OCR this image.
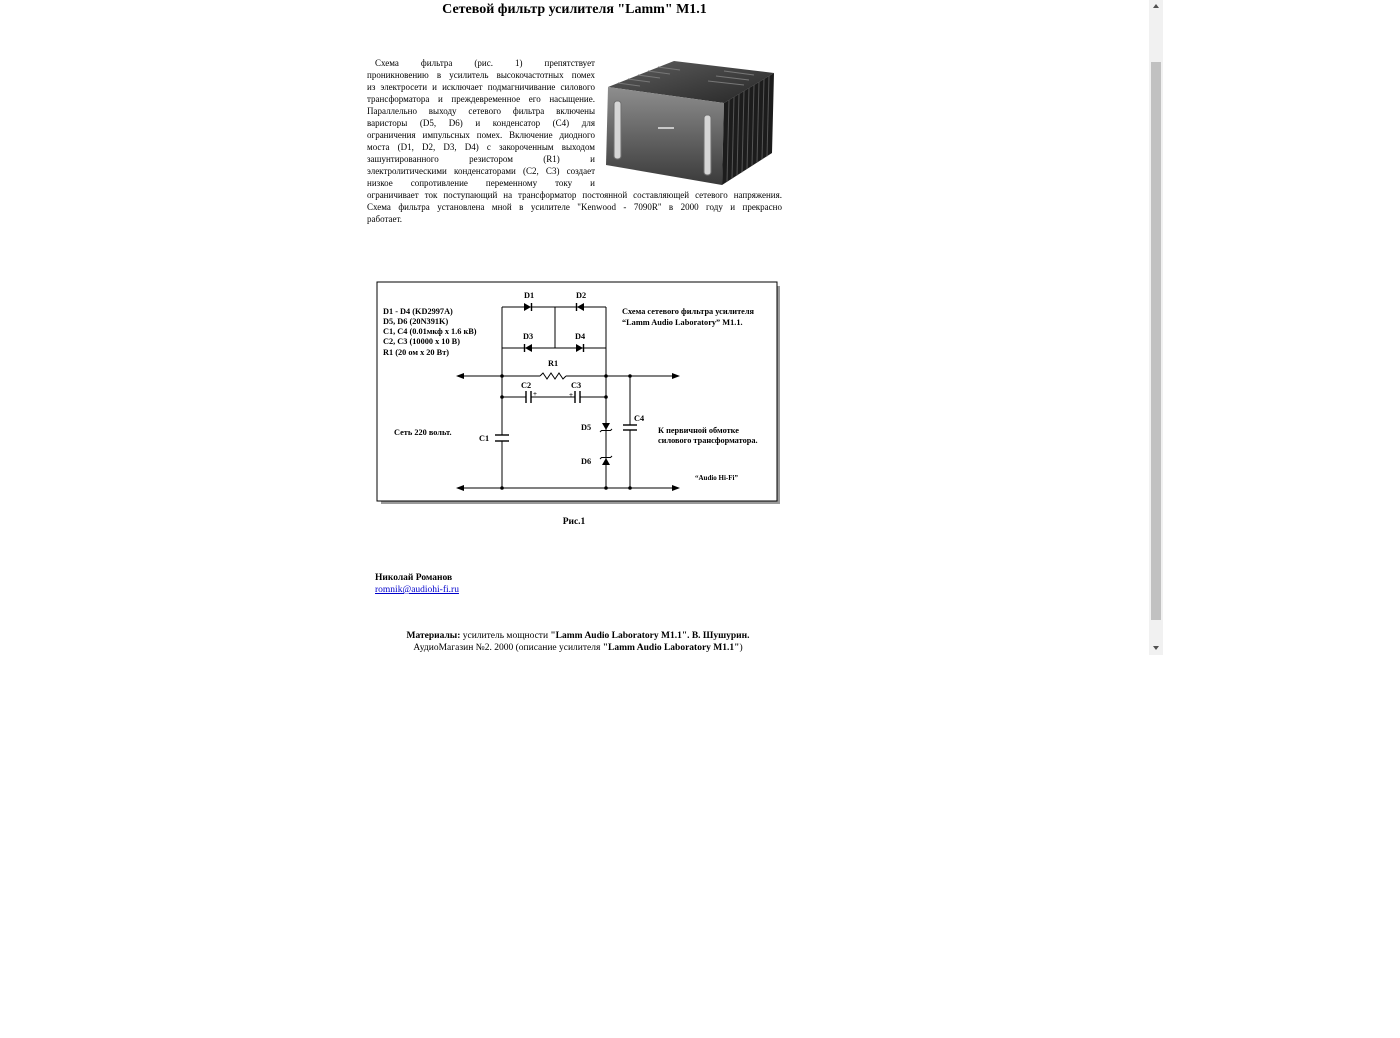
Сетевой фильтр усилителя "Lamm" M1.1
Схема фильтра (рис. 1) препятствует
проникновению в усилитель высокочастотных помех
из электросети и исключает подмагничивание силового
трансформатора и преждевременное его насыщение.
Параллельно выходу сетевого фильтра включены
варисторы (D5, D6) и конденсатор (C4) для
ограничения импульсных помех. Включение диодного
моста (D1, D2, D3, D4) с закороченным выходом
зашунтированного резистором (R1) и
электролитическими конденсаторами (C2, C3) создает
низкое сопротивление переменному току и
ограничивает ток поступающий на трансформатор постоянной составляющей сетевого напряжения.
Схема фильтра установлена мной в усилителе "Kenwood - 7090R" в 2000 году и прекрасно
работает.
D1 - D4 (KD2997A)
D5, D6 (20N391K)
C1, C4 (0.01мкф х 1.6 кВ)
C2, C3 (10000 х 10 В)
R1 (20 ом х 20 Вт)
Схема сетевого фильтра усилителя
“Lamm Audio Laboratory” M1.1.
D1	D2
D3	D4
R1
C2	C3
+	+
C4
D5
D6
C1
Сеть 220 вольт.	К первичной обмотке
силового трансформатора.
“Audio Hi-Fi”
Рис.1
Николай Романов
romnik@audiohi-fi.ru
Материалы: усилитель мощности "Lamm Audio Laboratory M1.1". В. Шушурин.
АудиоМагазин №2. 2000 (описание усилителя "Lamm Audio Laboratory M1.1")
